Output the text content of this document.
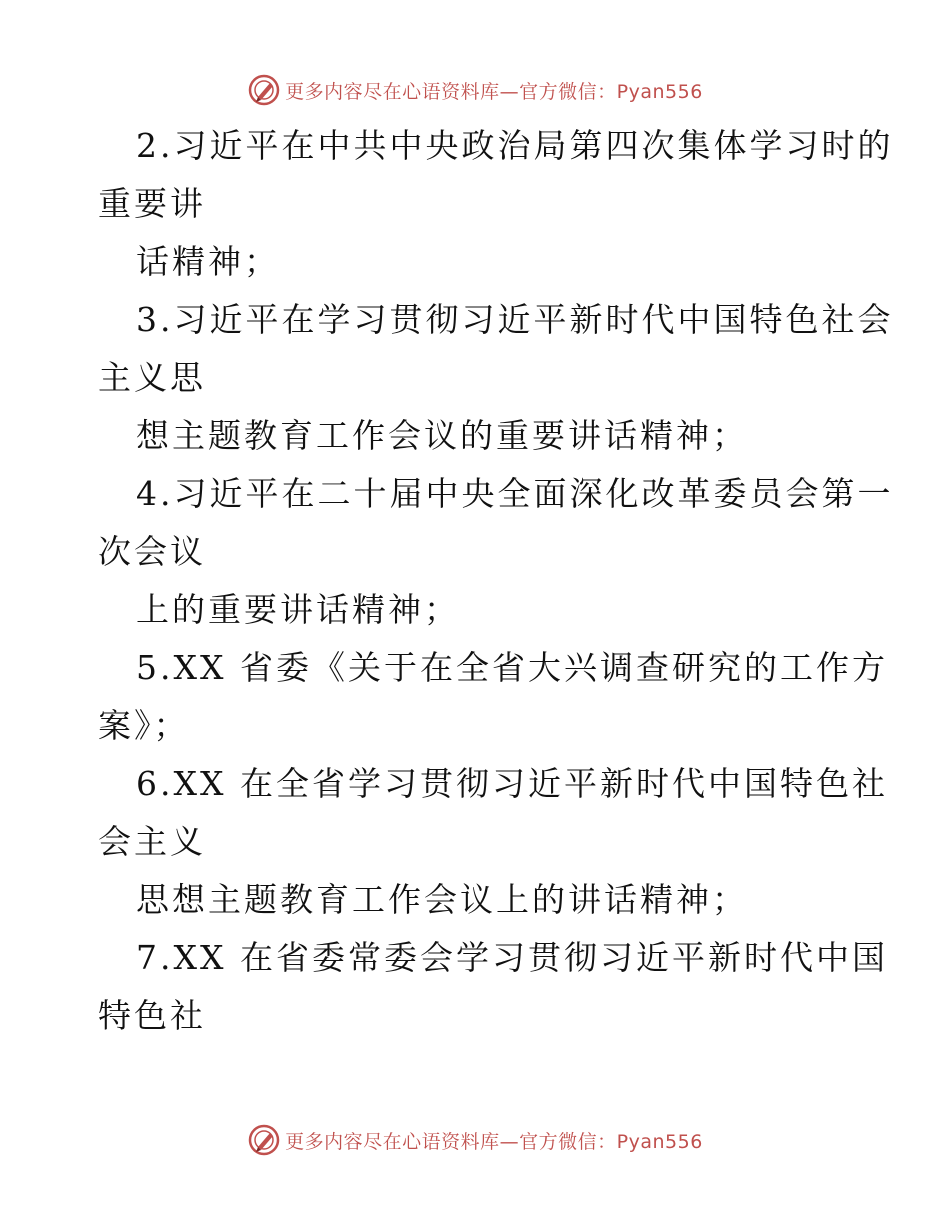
更多内容尽在心语资料库—官方微信：Pyan556
2.习近平在中共中央政治局第四次集体学习时的
重要讲
话精神；
3.习近平在学习贯彻习近平新时代中国特色社会
主义思
想主题教育工作会议的重要讲话精神；
4.习近平在二十届中央全面深化改革委员会第一
次会议
上的重要讲话精神；
5.XX 省委《关于在全省大兴调查研究的工作方
案》；
6.XX 在全省学习贯彻习近平新时代中国特色社
会主义
思想主题教育工作会议上的讲话精神；
7.XX 在省委常委会学习贯彻习近平新时代中国
特色社
更多内容尽在心语资料库—官方微信：Pyan556
